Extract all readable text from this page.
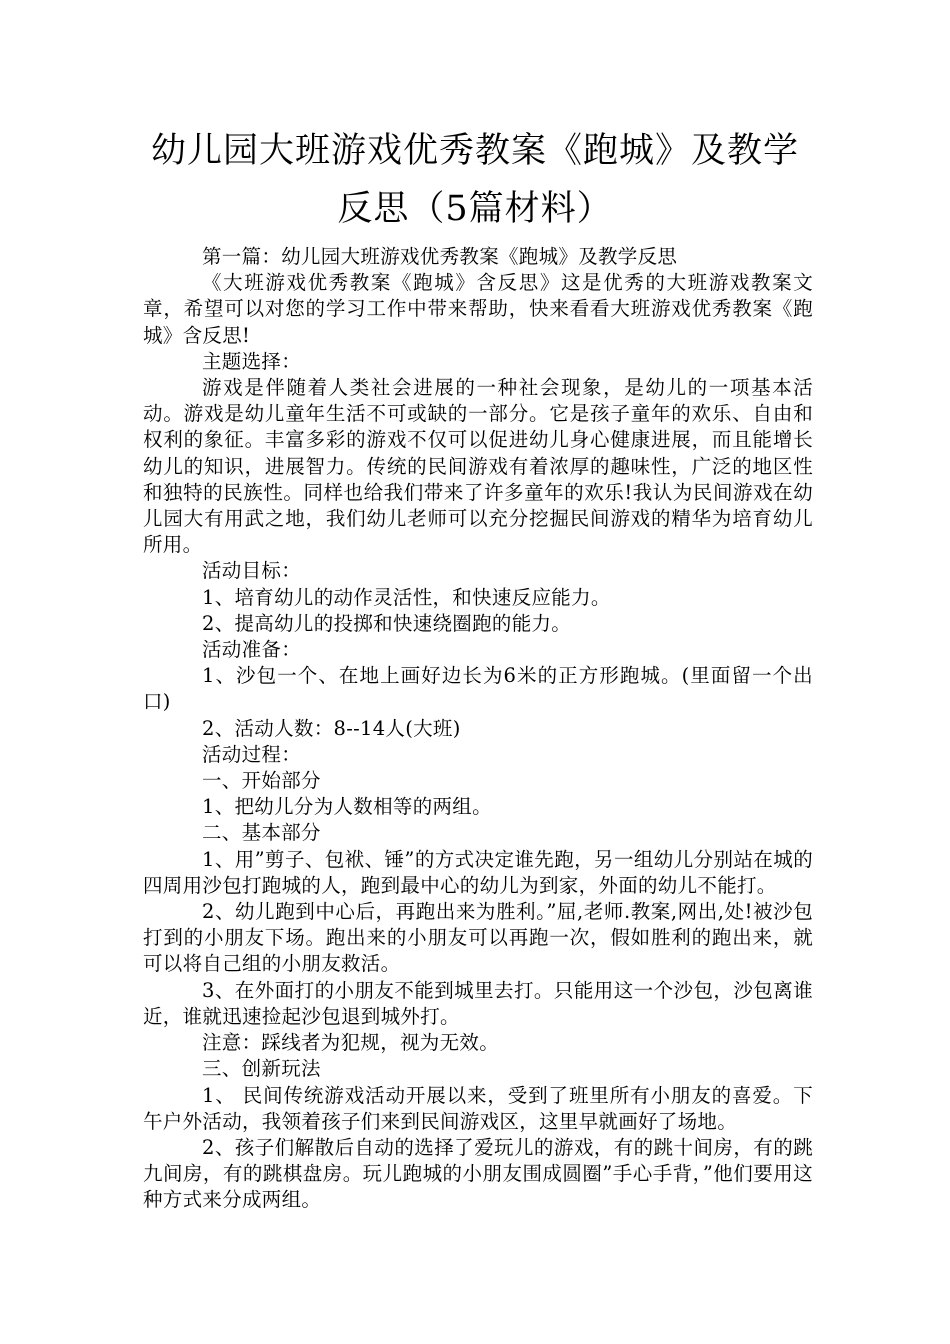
幼儿园大班游戏优秀教案《跑城》及教学
反思（5篇材料）

第一篇：幼儿园大班游戏优秀教案《跑城》及教学反思

《大班游戏优秀教案《跑城》含反思》这是优秀的大班游戏教案文章，希望可以对您的学习工作中带来帮助，快来看看大班游戏优秀教案《跑城》含反思!

主题选择：

游戏是伴随着人类社会进展的一种社会现象，是幼儿的一项基本活动。游戏是幼儿童年生活不可或缺的一部分。它是孩子童年的欢乐、自由和权利的象征。丰富多彩的游戏不仅可以促进幼儿身心健康进展，而且能增长幼儿的知识，进展智力。传统的民间游戏有着浓厚的趣味性，广泛的地区性和独特的民族性。同样也给我们带来了许多童年的欢乐!我认为民间游戏在幼儿园大有用武之地，我们幼儿老师可以充分挖掘民间游戏的精华为培育幼儿所用。

活动目标：

1、培育幼儿的动作灵活性，和快速反应能力。

2、提高幼儿的投掷和快速绕圈跑的能力。

活动准备：

1、沙包一个、在地上画好边长为6米的正方形跑城。(里面留一个出口)

2、活动人数：8--14人(大班)

活动过程：

一、开始部分

1、把幼儿分为人数相等的两组。

二、基本部分

1、用”剪子、包袱、锤”的方式决定谁先跑，另一组幼儿分别站在城的四周用沙包打跑城的人，跑到最中心的幼儿为到家，外面的幼儿不能打。

2、幼儿跑到中心后，再跑出来为胜利。”屈,老师.教案,网出,处!被沙包打到的小朋友下场。跑出来的小朋友可以再跑一次，假如胜利的跑出来，就可以将自己组的小朋友救活。

3、在外面打的小朋友不能到城里去打。只能用这一个沙包，沙包离谁近，谁就迅速捡起沙包退到城外打。

注意：踩线者为犯规，视为无效。

三、创新玩法

1、 民间传统游戏活动开展以来，受到了班里所有小朋友的喜爱。下午户外活动，我领着孩子们来到民间游戏区，这里早就画好了场地。

2、孩子们解散后自动的选择了爱玩儿的游戏，有的跳十间房，有的跳九间房，有的跳棋盘房。玩儿跑城的小朋友围成圆圈”手心手背，”他们要用这种方式来分成两组。
